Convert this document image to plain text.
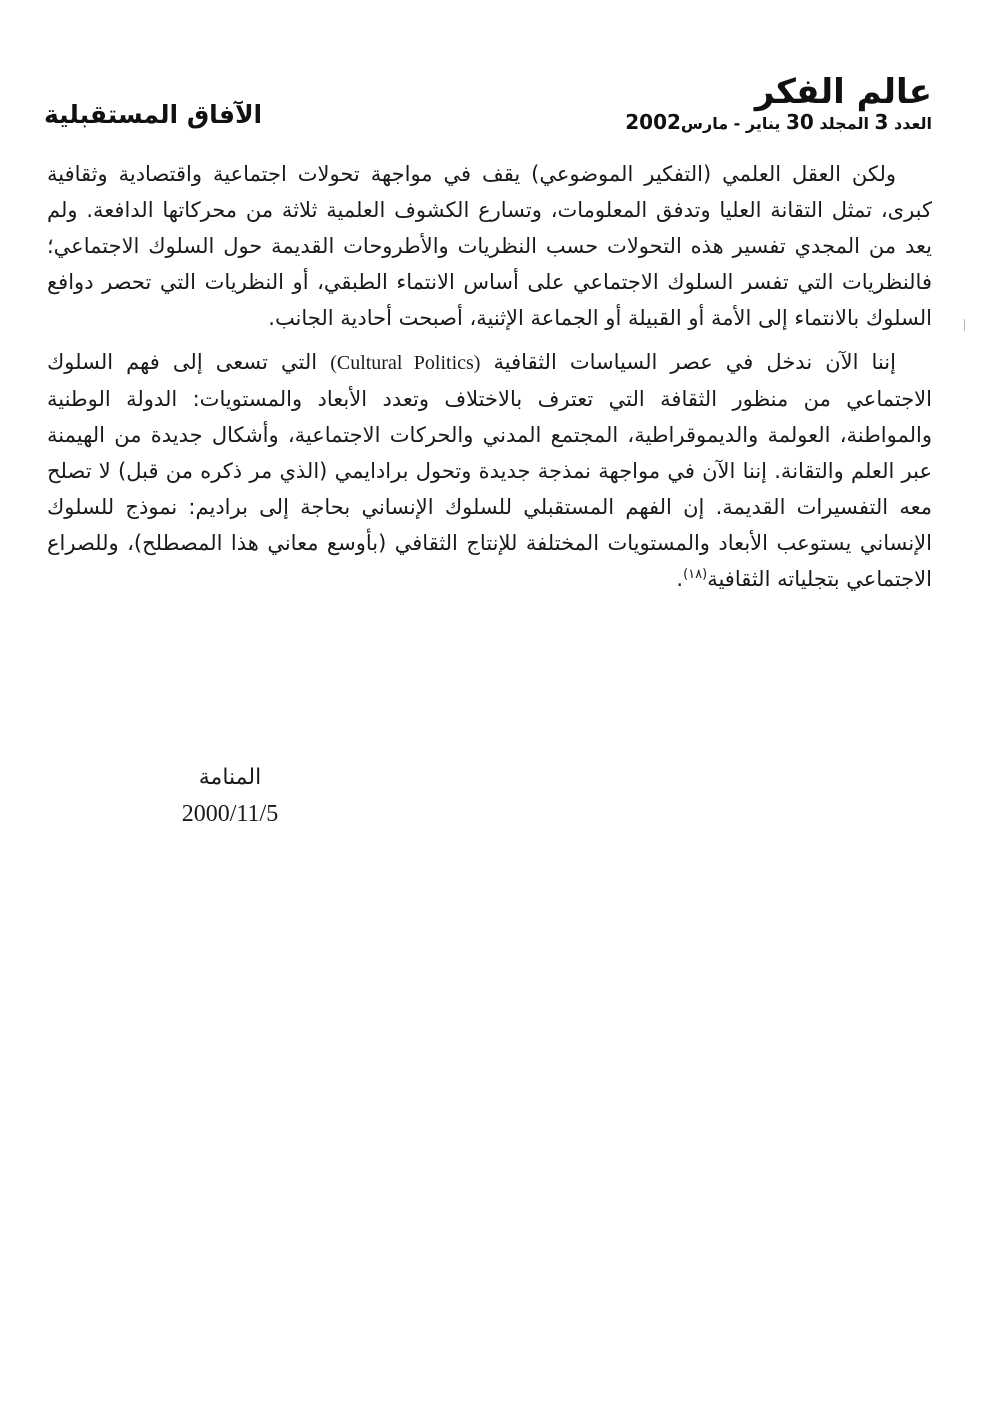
عالم الفكر
العدد 3 المجلد 30 يناير - مارس2002
الآفاق المستقبلية

ولكن العقل العلمي (التفكير الموضوعي) يقف في مواجهة تحولات اجتماعية واقتصادية وثقافية كبرى، تمثل التقانة العليا وتدفق المعلومات، وتسارع الكشوف العلمية ثلاثة من محركاتها الدافعة. ولم يعد من المجدي تفسير هذه التحولات حسب النظريات والأطروحات القديمة حول السلوك الاجتماعي؛ فالنظريات التي تفسر السلوك الاجتماعي على أساس الانتماء الطبقي، أو النظريات التي تحصر دوافع السلوك بالانتماء إلى الأمة أو القبيلة أو الجماعة الإثنية، أصبحت أحادية الجانب.

إننا الآن ندخل في عصر السياسات الثقافية (Cultural Politics) التي تسعى إلى فهم السلوك الاجتماعي من منظور الثقافة التي تعترف بالاختلاف وتعدد الأبعاد والمستويات: الدولة الوطنية والمواطنة، العولمة والديموقراطية، المجتمع المدني والحركات الاجتماعية، وأشكال جديدة من الهيمنة عبر العلم والتقانة. إننا الآن في مواجهة نمذجة جديدة وتحول برادايمي (الذي مر ذكره من قبل) لا تصلح معه التفسيرات القديمة. إن الفهم المستقبلي للسلوك الإنساني بحاجة إلى براديم: نموذج للسلوك الإنساني يستوعب الأبعاد والمستويات المختلفة للإنتاج الثقافي (بأوسع معاني هذا المصطلح)، وللصراع الاجتماعي بتجلياته الثقافية$^{(١٨)}$.

المنامة
2000/11/5
